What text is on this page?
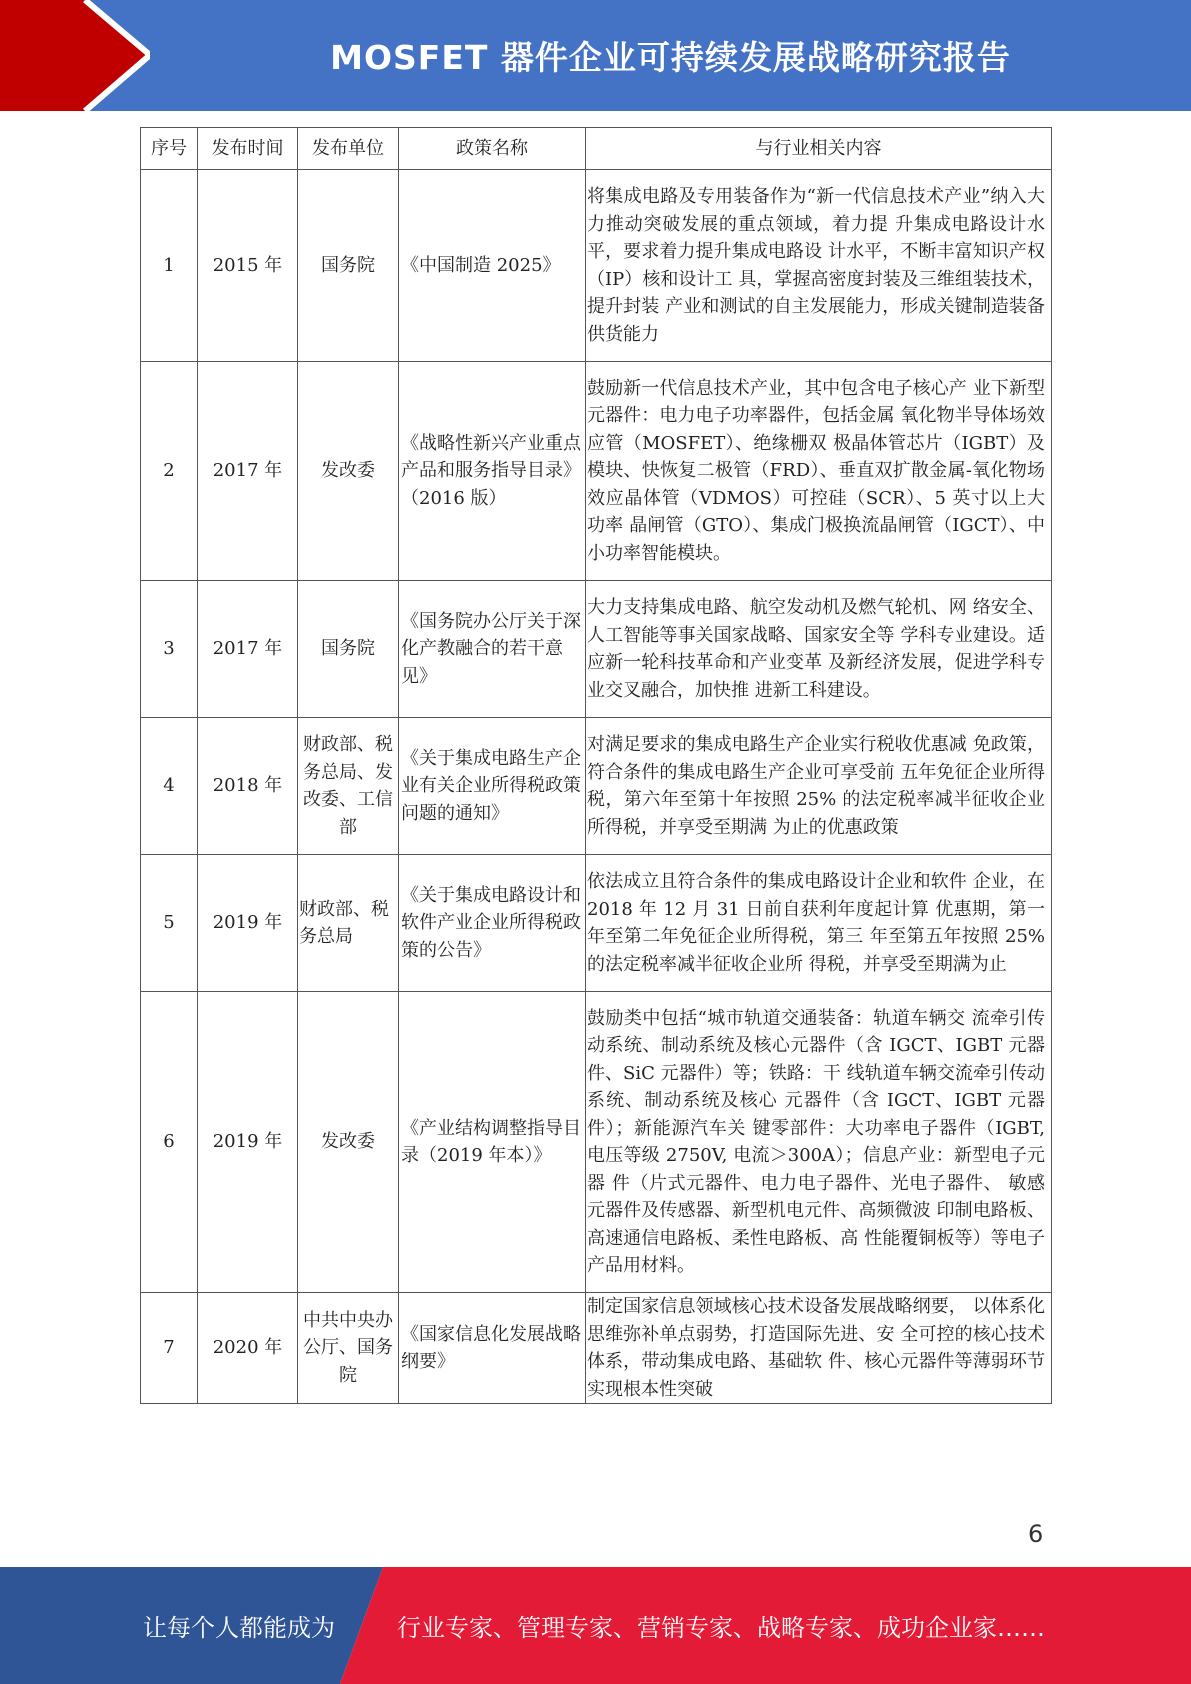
MOSFET 器件企业可持续发展战略研究报告
序号	发布时间	发布单位	政策名称	与行业相关内容
1	2015 年	国务院	《中国制造 2025》	将集成电路及专用装备作为“新一代信息技术产业”纳入大力推动突破发展的重点领域，着力提 升集成电路设计水平，要求着力提升集成电路设 计水平，不断丰富知识产权（IP）核和设计工 具，掌握高密度封装及三维组装技术，提升封装 产业和测试的自主发展能力，形成关键制造装备 供货能力
2	2017 年	发改委	《战略性新兴产业重点产品和服务指导目录》（2016 版）	鼓励新一代信息技术产业，其中包含电子核心产 业下新型元器件：电力电子功率器件，包括金属 氧化物半导体场效应管（MOSFET）、绝缘栅双 极晶体管芯片（IGBT）及模块、快恢复二极管（FRD）、垂直双扩散金属-氧化物场效应晶体管（VDMOS）可控硅（SCR）、5 英寸以上大功率 晶闸管（GTO）、集成门极换流晶闸管（IGCT）、中小功率智能模块。
3	2017 年	国务院	《国务院办公厅关于深化产教融合的若干意见》	大力支持集成电路、航空发动机及燃气轮机、网 络安全、人工智能等事关国家战略、国家安全等 学科专业建设。适应新一轮科技革命和产业变革 及新经济发展，促进学科专业交叉融合，加快推 进新工科建设。
4	2018 年	财政部、税务总局、发改委、工信部	《关于集成电路生产企业有关企业所得税政策问题的通知》	对满足要求的集成电路生产企业实行税收优惠减 免政策，符合条件的集成电路生产企业可享受前 五年免征企业所得税，第六年至第十年按照 25% 的法定税率减半征收企业所得税，并享受至期满 为止的优惠政策
5	2019 年	财政部、税务总局	《关于集成电路设计和软件产业企业所得税政策的公告》	依法成立且符合条件的集成电路设计企业和软件 企业，在 2018 年 12 月 31 日前自获利年度起计算 优惠期，第一年至第二年免征企业所得税，第三 年至第五年按照 25%的法定税率减半征收企业所 得税，并享受至期满为止
6	2019 年	发改委	《产业结构调整指导目录（2019 年本）》	鼓励类中包括“城市轨道交通装备：轨道车辆交 流牵引传动系统、制动系统及核心元器件（含 IGCT、IGBT 元器件、SiC 元器件）等；铁路：干 线轨道车辆交流牵引传动系统、制动系统及核心 元器件（含 IGCT、IGBT 元器件）；新能源汽车关 键零部件：大功率电子器件（IGBT, 电压等级 2750V, 电流＞300A）；信息产业：新型电子元器 件（片式元器件、电力电子器件、光电子器件、 敏感元器件及传感器、新型机电元件、高频微波 印制电路板、高速通信电路板、柔性电路板、高 性能覆铜板等）等电子产品用材料。
7	2020 年	中共中央办公厅、国务院	《国家信息化发展战略纲要》	制定国家信息领域核心技术设备发展战略纲要， 以体系化思维弥补单点弱势，打造国际先进、安 全可控的核心技术体系，带动集成电路、基础软 件、核心元器件等薄弱环节实现根本性突破
6
让每个人都能成为	行业专家、管理专家、营销专家、战略专家、成功企业家……
